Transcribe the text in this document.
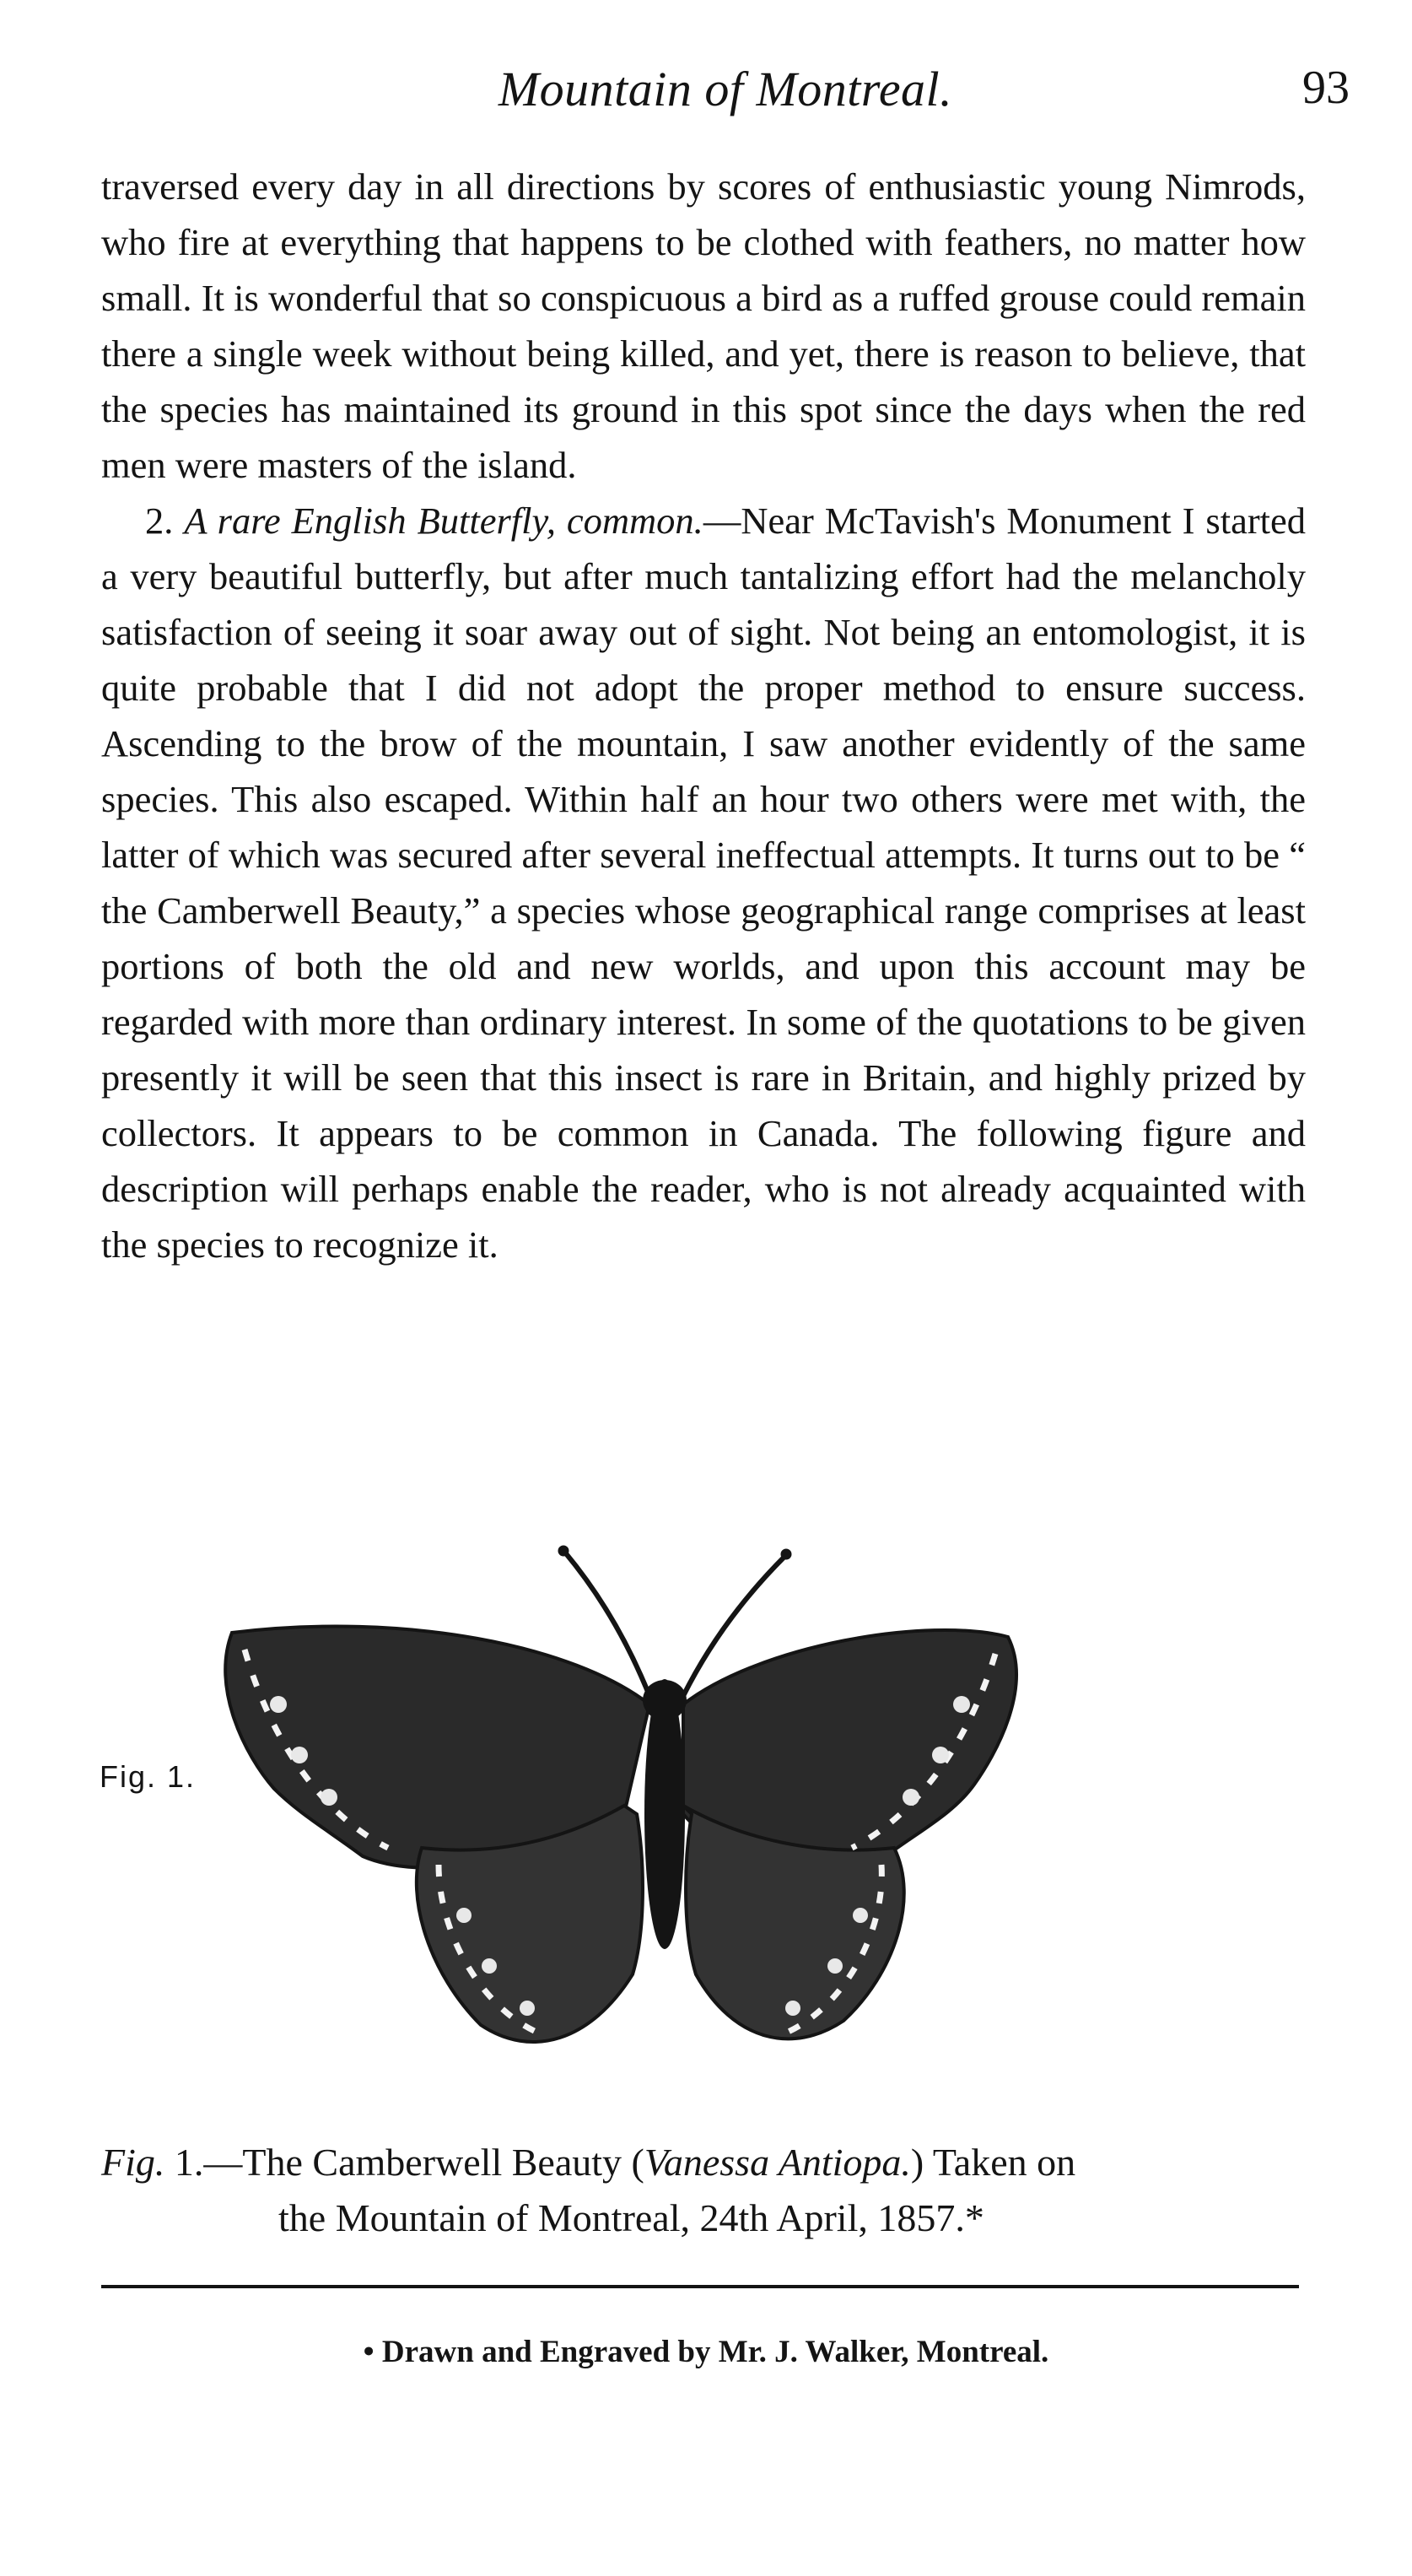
Mountain of Montreal.	93

traversed every day in all directions by scores of enthusiastic young Nimrods, who fire at everything that happens to be clothed with feathers, no matter how small. It is wonderful that so conspicuous a bird as a ruffed grouse could remain there a single week without being killed, and yet, there is reason to believe, that the species has maintained its ground in this spot since the days when the red men were masters of the island.

2. A rare English Butterfly, common.—Near McTavish's Monument I started a very beautiful butterfly, but after much tantalizing effort had the melancholy satisfaction of seeing it soar away out of sight. Not being an entomologist, it is quite probable that I did not adopt the proper method to ensure success. Ascending to the brow of the mountain, I saw another evidently of the same species. This also escaped. Within half an hour two others were met with, the latter of which was secured after several ineffectual attempts. It turns out to be “ the Camberwell Beauty,” a species whose geographical range comprises at least portions of both the old and new worlds, and upon this account may be regarded with more than ordinary interest. In some of the quotations to be given presently it will be seen that this insect is rare in Britain, and highly prized by collectors. It appears to be common in Canada. The following figure and description will perhaps enable the reader, who is not already acquainted with the species to recognize it.

Fig. 1.
Fig. 1.—The Camberwell Beauty (Vanessa Antiopa.) Taken on
the Mountain of Montreal, 24th April, 1857.*
• Drawn and Engraved by Mr. J. Walker, Montreal.
